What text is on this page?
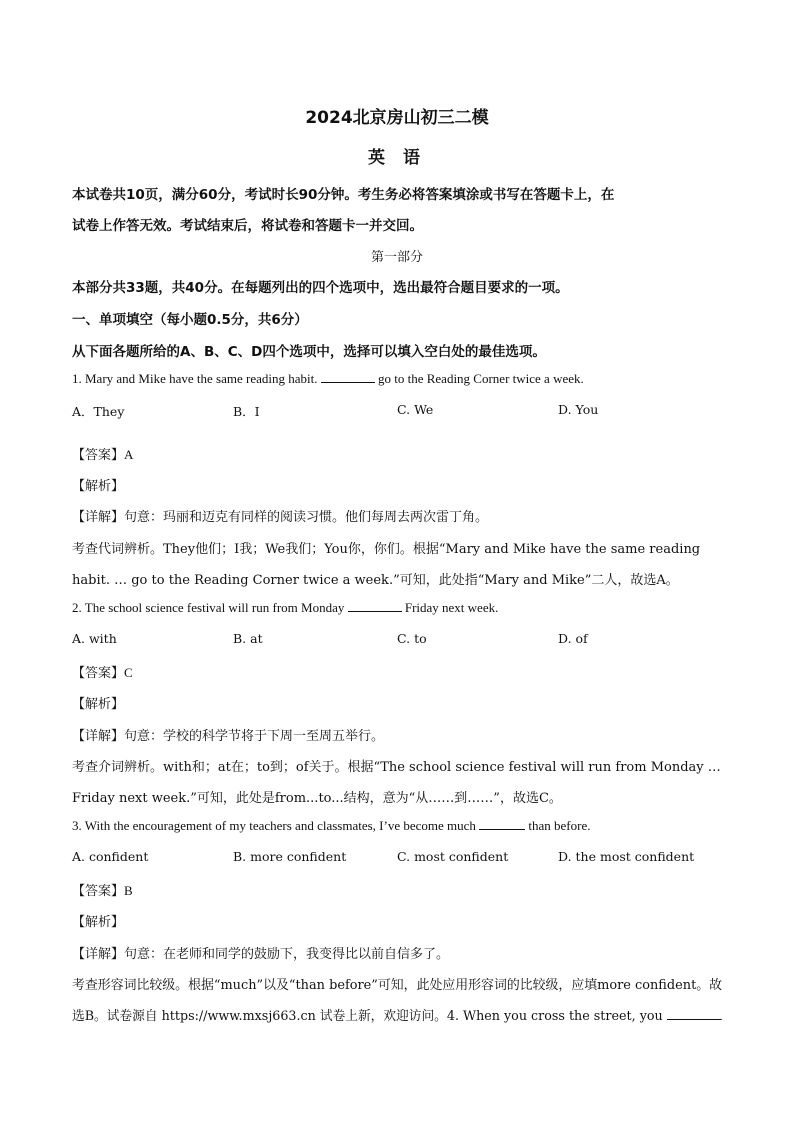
2024北京房山初三二模
英 语
本试卷共10页，满分60分，考试时长90分钟。考生务必将答案填涂或书写在答题卡上，在
试卷上作答无效。考试结束后，将试卷和答题卡一并交回。
第一部分
本部分共33题，共40分。在每题列出的四个选项中，选出最符合题目要求的一项。
一、单项填空（每小题0.5分，共6分）
从下面各题所给的A、B、C、D四个选项中，选择可以填入空白处的最佳选项。
1. Mary and Mike have the same reading habit.	go to the Reading Corner twice a week.
A．They	B．I	C. We	D. You
【答案】A
【解析】
【详解】句意：玛丽和迈克有同样的阅读习惯。他们每周去两次雷丁角。
考查代词辨析。They他们；I我；We我们；You你，你们。根据“Mary and Mike have the same reading
habit. … go to the Reading Corner twice a week.”可知，此处指“Mary and Mike”二人，故选A。
2. The school science festival will run from Monday	Friday next week.
A. with	B. at	C. to	D. of
【答案】C
【解析】
【详解】句意：学校的科学节将于下周一至周五举行。
考查介词辨析。with和；at在；to到；of关于。根据“The school science festival will run from Monday …
Friday next week.”可知，此处是from...to...结构，意为“从……到……”，故选C。
3. With the encouragement of my teachers and classmates, I’ve become much	than before.
A. confident	B. more confident	C. most confident	D. the most confident
【答案】B
【解析】
【详解】句意：在老师和同学的鼓励下，我变得比以前自信多了。
考查形容词比较级。根据“much”以及“than before”可知，此处应用形容词的比较级，应填more confident。故
选B。试卷源自 https://www.mxsj663.cn 试卷上新，欢迎访问。4. When you cross the street, you
